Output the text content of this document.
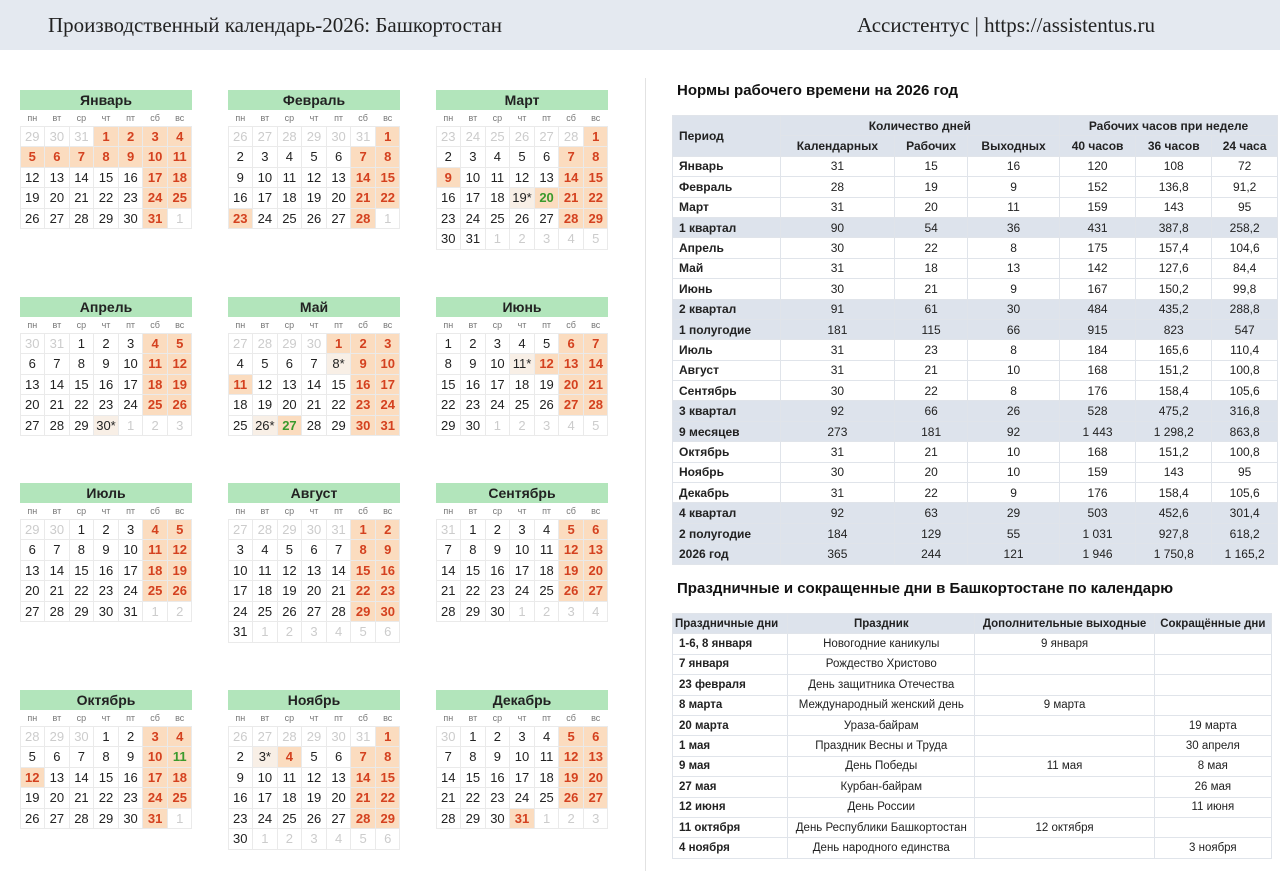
Производственный календарь-2026: Башкортостан	Ассистентус | https://assistentus.ru
Январь
пн	вт	ср	чт	пт	сб	вс
29 30 31	1	2	3	4
5	6	7	8	9	10 11
12 13 14 15 16 17 18
19 20 21 22 23 24 25
26 27 28 29 30 31	1
Февраль
пн	вт	ср	чт	пт	сб	вс
26 27 28 29 30 31	1
2	3	4	5	6	7	8
9	10 11 12 13 14 15
16 17 18 19 20 21 22
23 24 25 26 27 28	1
Март
пн	вт	ср	чт	пт	сб	вс
23 24 25 26 27 28	1
2	3	4	5	6	7	8
9	10 11 12 13 14 15
16 17 18 19* 20 21 22
23 24 25 26 27 28 29
30 31	1	2	3	4	5
Апрель
пн	вт	ср	чт	пт	сб	вс
30 31	1	2	3	4	5
6	7	8	9	10 11 12
13 14 15 16 17 18 19
20 21 22 23 24 25 26
27 28 29 30* 1	2	3
Май
пн	вт	ср	чт	пт	сб	вс
27 28 29 30	1	2	3
4	5	6	7	8*	9	10
11 12 13 14 15 16 17
18 19 20 21 22 23 24
25 26* 27 28 29 30 31
Июнь
пн	вт	ср	чт	пт	сб	вс
1	2	3	4	5	6	7
8	9	10 11* 12 13 14
15 16 17 18 19 20 21
22 23 24 25 26 27 28
29 30	1	2	3	4	5
Июль
пн	вт	ср	чт	пт	сб	вс
29 30	1	2	3	4	5
6	7	8	9	10 11 12
13 14 15 16 17 18 19
20 21 22 23 24 25 26
27 28 29 30 31	1	2
Август
пн	вт	ср	чт	пт	сб	вс
27 28 29 30 31	1	2
3	4	5	6	7	8	9
10 11 12 13 14 15 16
17 18 19 20 21 22 23
24 25 26 27 28 29 30
31	1	2	3	4	5	6
Сентябрь
пн	вт	ср	чт	пт	сб	вс
31	1	2	3	4	5	6
7	8	9	10 11 12 13
14 15 16 17 18 19 20
21 22 23 24 25 26 27
28 29 30	1	2	3	4
Октябрь
пн	вт	ср	чт	пт	сб	вс
28 29 30	1	2	3	4
5	6	7	8	9	10 11
12 13 14 15 16 17 18
19 20 21 22 23 24 25
26 27 28 29 30 31	1
Ноябрь
пн	вт	ср	чт	пт	сб	вс
26 27 28 29 30 31	1
2	3*	4	5	6	7	8
9	10 11 12 13 14 15
16 17 18 19 20 21 22
23 24 25 26 27 28 29
30	1	2	3	4	5	6
Декабрь
пн	вт	ср	чт	пт	сб	вс
30	1	2	3	4	5	6
7	8	9	10 11 12 13
14 15 16 17 18 19 20
21 22 23 24 25 26 27
28 29 30 31	1	2	3
Нормы рабочего времени на 2026 год
Период	Количество дней			Рабочих часов при неделе		
	Календарных	Рабочих	Выходных	40 часов	36 часов	24 часа
Январь	31	15	16	120	108	72
Февраль	28	19	9	152	136,8	91,2
Март	31	20	11	159	143	95
1 квартал	90	54	36	431	387,8	258,2
Апрель	30	22	8	175	157,4	104,6
Май	31	18	13	142	127,6	84,4
Июнь	30	21	9	167	150,2	99,8
2 квартал	91	61	30	484	435,2	288,8
1 полугодие	181	115	66	915	823	547
Июль	31	23	8	184	165,6	110,4
Август	31	21	10	168	151,2	100,8
Сентябрь	30	22	8	176	158,4	105,6
3 квартал	92	66	26	528	475,2	316,8
9 месяцев	273	181	92	1 443	1 298,2	863,8
Октябрь	31	21	10	168	151,2	100,8
Ноябрь	30	20	10	159	143	95
Декабрь	31	22	9	176	158,4	105,6
4 квартал	92	63	29	503	452,6	301,4
2 полугодие	184	129	55	1 031	927,8	618,2
2026 год	365	244	121	1 946	1 750,8	1 165,2
Праздничные и сокращенные дни в Башкортостане по календарю
Праздничные дни	Праздник	Дополнительные выходные	Сокращённые дни
1-6, 8 января	Новогодние каникулы	9 января	
7 января	Рождество Христово		
23 февраля	День защитника Отечества		
8 марта	Международный женский день	9 марта	
20 марта	Ураза-байрам		19 марта
1 мая	Праздник Весны и Труда		30 апреля
9 мая	День Победы	11 мая	8 мая
27 мая	Курбан-байрам		26 мая
12 июня	День России		11 июня
11 октября	День Республики Башкортостан	12 октября	
4 ноября	День народного единства		3 ноября
